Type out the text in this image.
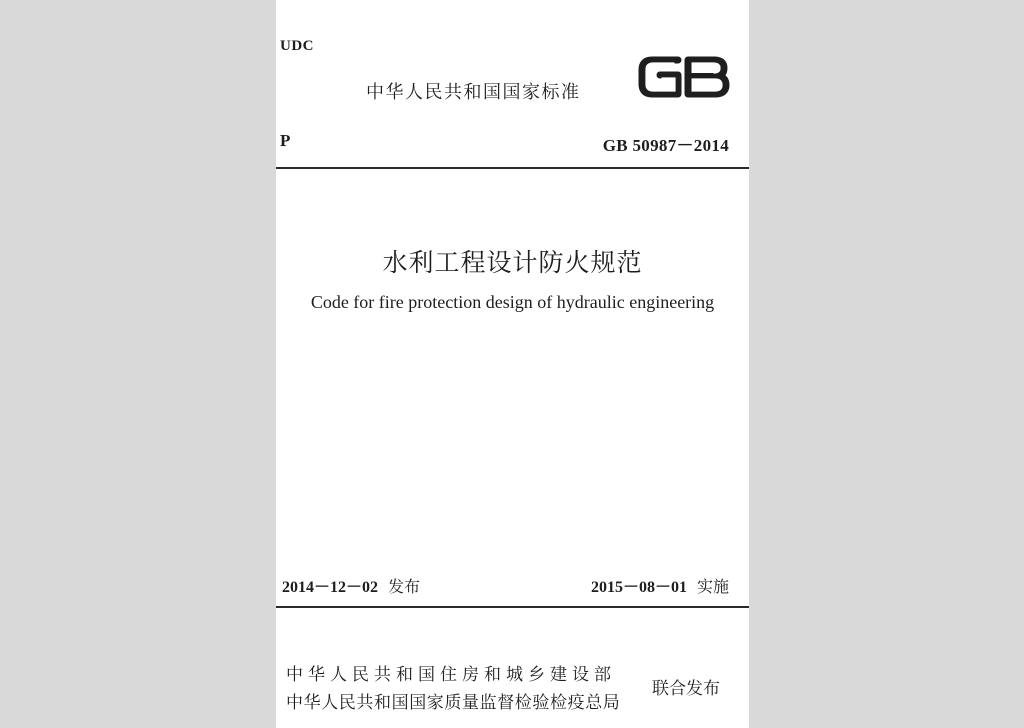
UDC
中华人民共和国国家标准
P	GB 50987－2014
水利工程设计防火规范
Code for fire protection design of hydraulic engineering
2014－12－02 发布	2015－08－01 实施
中华人民共和国住房和城乡建设部
中华人民共和国国家质量监督检验检疫总局
联合发布
